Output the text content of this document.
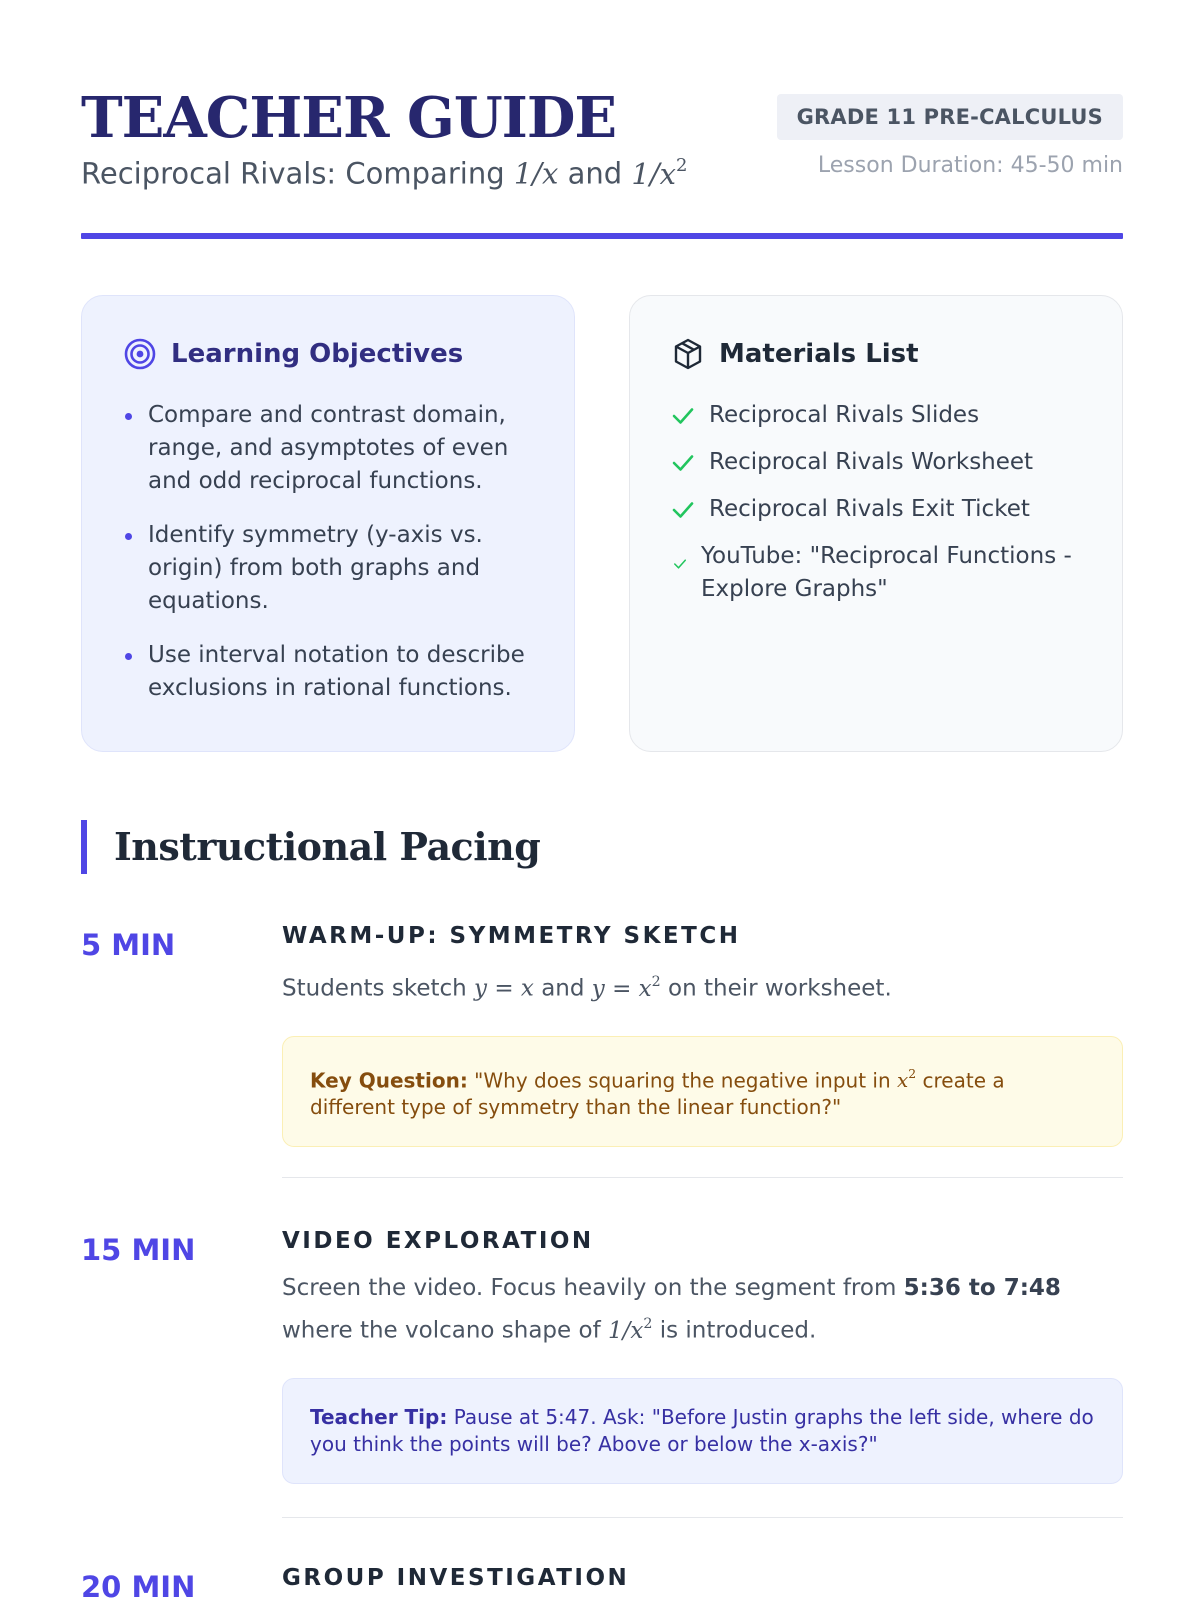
TEACHER GUIDE
Reciprocal Rivals: Comparing 1/x and $1/x^2$
GRADE 11 PRE-CALCULUS
Lesson Duration: 45-50 min
Learning Objectives
Compare and contrast domain, range, and asymptotes of even and odd reciprocal functions.
Identify symmetry (y-axis vs. origin) from both graphs and equations.
Use interval notation to describe exclusions in rational functions.
Materials List
Reciprocal Rivals Slides
Reciprocal Rivals Worksheet
Reciprocal Rivals Exit Ticket
YouTube: "Reciprocal Functions - Explore Graphs"
Instructional Pacing
5 MIN	WARM-UP: SYMMETRY SKETCH
Students sketch y = x and $y = x^2$ on their worksheet.
Key Question: "Why does squaring the negative input in $x^2$ create a different type of symmetry than the linear function?"
15 MIN	VIDEO EXPLORATION
Screen the video. Focus heavily on the segment from 5:36 to 7:48 where the volcano shape of $1/x^2$ is introduced.
Teacher Tip: Pause at 5:47. Ask: "Before Justin graphs the left side, where do you think the points will be? Above or below the x-axis?"
20 MIN	GROUP INVESTIGATION
